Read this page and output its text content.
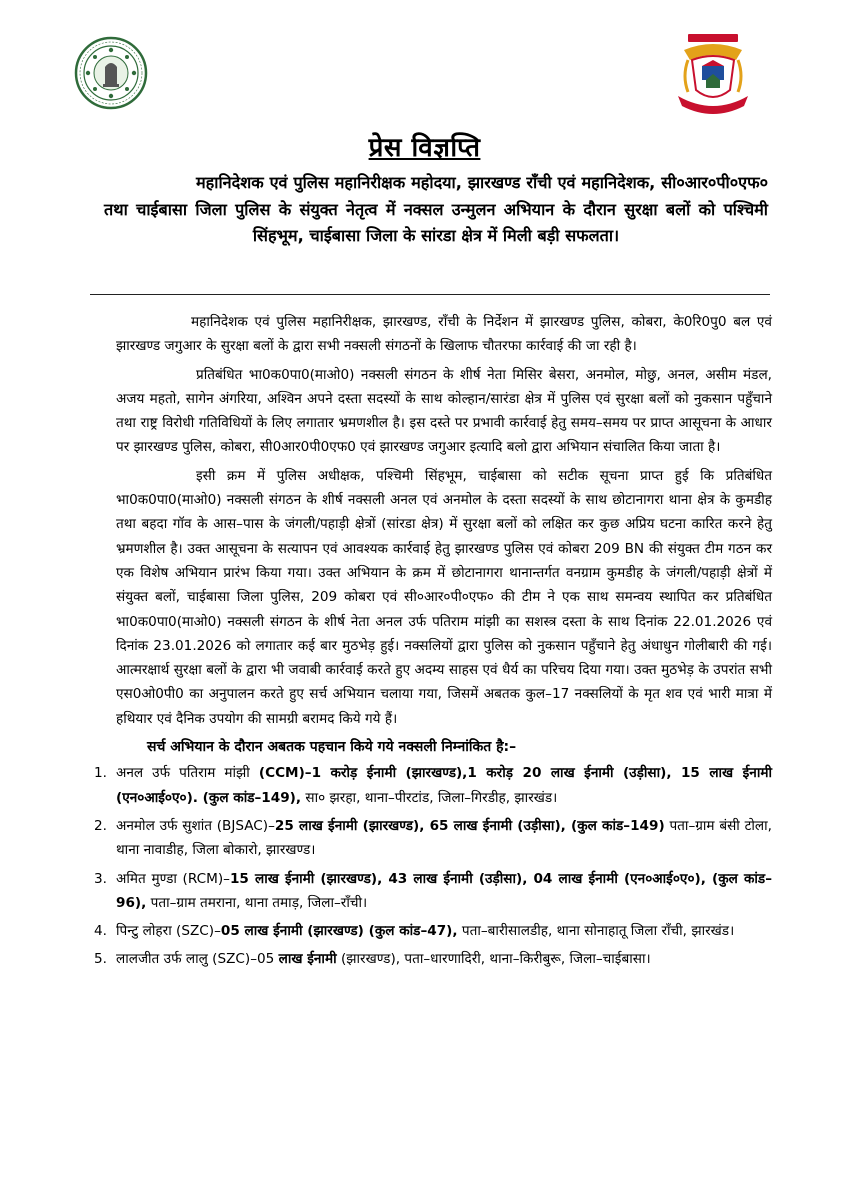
प्रेस विज्ञप्ति
महानिदेशक एवं पुलिस महानिरीक्षक महोदया, झारखण्ड राँची एवं महानिदेशक, सी०आर०पी०एफ० तथा चाईबासा जिला पुलिस के संयुक्त नेतृत्व में नक्सल उन्मुलन अभियान के दौरान सुरक्षा बलों को पश्चिमी सिंहभूम, चाईबासा जिला के सांरडा क्षेत्र में मिली बड़ी सफलता।

महानिदेशक एवं पुलिस महानिरीक्षक, झारखण्ड, राँची के निर्देशन में झारखण्ड पुलिस, कोबरा, के0रि0पु0 बल एवं झारखण्ड जगुआर के सुरक्षा बलों के द्वारा सभी नक्सली संगठनों के खिलाफ चौतरफा कार्रवाई की जा रही है।

प्रतिबंधित भा0क0पा0(माओ0) नक्सली संगठन के शीर्ष नेता मिसिर बेसरा, अनमोल, मोछु, अनल, असीम मंडल, अजय महतो, सागेन अंगरिया, अश्विन अपने दस्ता सदस्यों के साथ कोल्हान/सारंडा क्षेत्र में पुलिस एवं सुरक्षा बलों को नुकसान पहुँचाने तथा राष्ट्र विरोधी गतिविधियों के लिए लगातार भ्रमणशील है। इस दस्ते पर प्रभावी कार्रवाई हेतु समय–समय पर प्राप्त आसूचना के आधार पर झारखण्ड पुलिस, कोबरा, सी0आर0पी0एफ0 एवं झारखण्ड जगुआर इत्यादि बलो द्वारा अभियान संचालित किया जाता है।

इसी क्रम में पुलिस अधीक्षक, पश्चिमी सिंहभूम, चाईबासा को सटीक सूचना प्राप्त हुई कि प्रतिबंधित भा0क0पा0(माओ0) नक्सली संगठन के शीर्ष नक्सली अनल एवं अनमोल के दस्ता सदस्यों के साथ छोटानागरा थाना क्षेत्र के कुमडीह तथा बहदा गॉव के आस–पास के जंगली/पहाड़ी क्षेत्रों (सांरडा क्षेत्र) में सुरक्षा बलों को लक्षित कर कुछ अप्रिय घटना कारित करने हेतु भ्रमणशील है। उक्त आसूचना के सत्यापन एवं आवश्यक कार्रवाई हेतु झारखण्ड पुलिस एवं कोबरा 209 BN की संयुक्त टीम गठन कर एक विशेष अभियान प्रारंभ किया गया। उक्त अभियान के क्रम में छोटानागरा थानान्तर्गत वनग्राम कुमडीह के जंगली/पहाड़ी क्षेत्रों में संयुक्त बलों, चाईबासा जिला पुलिस, 209 कोबरा एवं सी०आर०पी०एफ० की टीम ने एक साथ समन्वय स्थापित कर प्रतिबंधित भा0क0पा0(माओ0) नक्सली संगठन के शीर्ष नेता अनल उर्फ पतिराम मांझी का सशस्त्र दस्ता के साथ दिनांक 22.01.2026 एवं दिनांक 23.01.2026 को लगातार कई बार मुठभेड़ हुई। नक्सलियों द्वारा पुलिस को नुकसान पहुँचाने हेतु अंधाधुन गोलीबारी की गई। आत्मरक्षार्थ सुरक्षा बलों के द्वारा भी जवाबी कार्रवाई करते हुए अदम्य साहस एवं धैर्य का परिचय दिया गया। उक्त मुठभेड़ के उपरांत सभी एस0ओ0पी0 का अनुपालन करते हुए सर्च अभियान चलाया गया, जिसमें अबतक कुल–17 नक्सलियों के मृत शव एवं भारी मात्रा में हथियार एवं दैनिक उपयोग की सामग्री बरामद किये गये हैं।

सर्च अभियान के दौरान अबतक पहचान किये गये नक्सली निम्नांकित है:–
1. अनल उर्फ पतिराम मांझी (CCM)–1 करोड़ ईनामी (झारखण्ड),1 करोड़ 20 लाख ईनामी (उड़ीसा), 15 लाख ईनामी (एन०आई०ए०). (कुल कांड–149), सा० झरहा, थाना–पीरटांड, जिला–गिरडीह, झारखंड।
2. अनमोल उर्फ सुशांत (BJSAC)–25 लाख ईनामी (झारखण्ड), 65 लाख ईनामी (उड़ीसा), (कुल कांड–149) पता–ग्राम बंसी टोला, थाना नावाडीह, जिला बोकारो, झारखण्ड।
3. अमित मुण्डा (RCM)–15 लाख ईनामी (झारखण्ड), 43 लाख ईनामी (उड़ीसा), 04 लाख ईनामी (एन०आई०ए०), (कुल कांड–96), पता–ग्राम तमराना, थाना तमाड़, जिला–राँची।
4. पिन्टु लोहरा (SZC)–05 लाख ईनामी (झारखण्ड) (कुल कांड–47), पता–बारीसालडीह, थाना सोनाहातू जिला राँची, झारखंड।
5. लालजीत उर्फ लालु (SZC)–05 लाख ईनामी (झारखण्ड), पता–धारणादिरी, थाना–किरीबुरू, जिला–चाईबासा।
